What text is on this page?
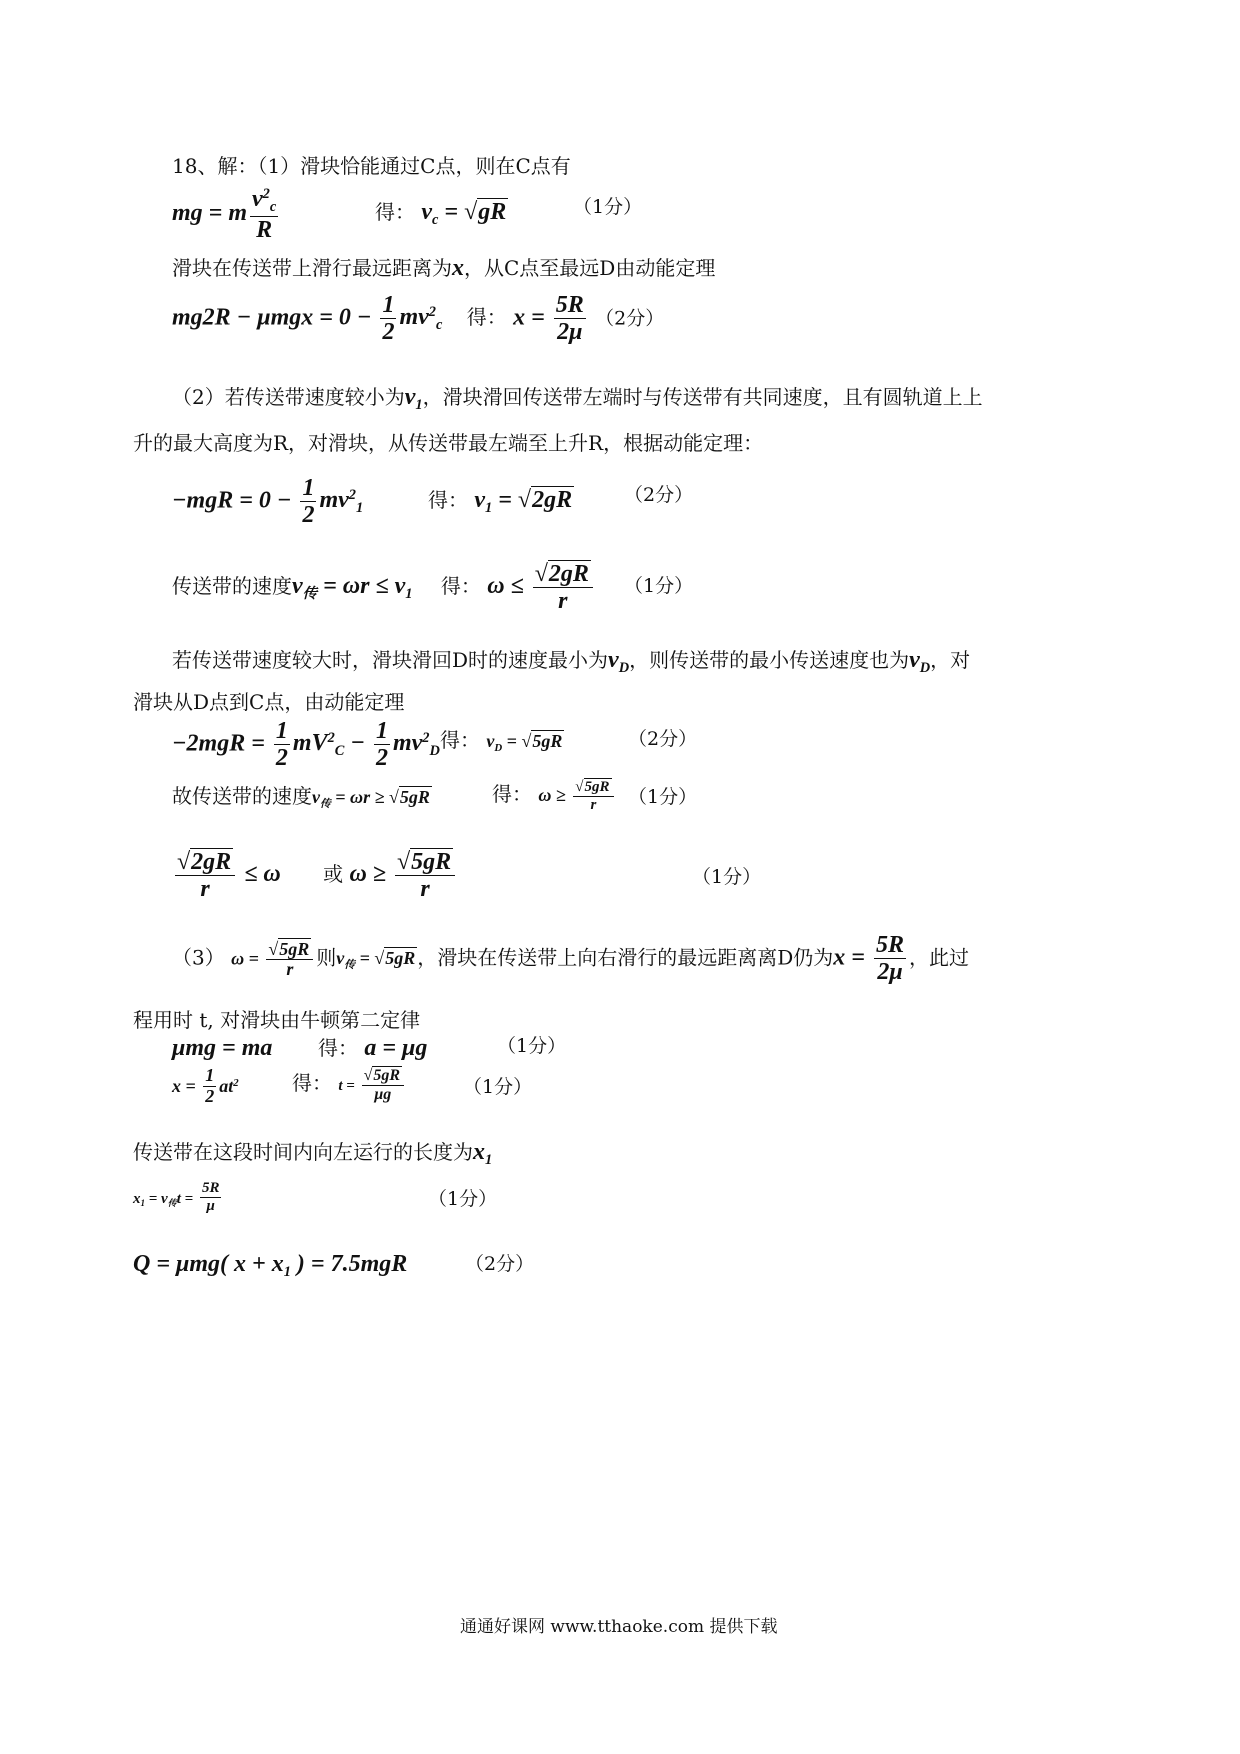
18、解：（1）滑块恰能通过C点，则在C点有
mg = m $\frac{v^2_c}{R}$	得： $v_c = √gR$	（1分）
滑块在传送带上滑行最远距离为x，从C点至最远D由动能定理
$mg2R - \mu mgx = 0 - \frac{1}{2} mv^2_c$ 得： $x = \frac{5R}{2\mu} (2$分）
（2）若传送带速度较小为$v_1$，滑块滑回传送带左端时与传送带有共同速度，且有圆轨道上上
升的最大高度为R，对滑块，从传送带最左端至上升R，根据动能定理：
$-mgR = 0 - \frac{1}{2} mv^2_1$	得： $v_1 = √2gR$	（2分）
传送带的速度$v_传 = \omega r \le v_1$ 得： $\omega \le \frac{√2gR}{r} (1$分）
若传送带速度较大时，滑块滑回D时的速度最小为$v_D$，则传送带的最小传送速度也为$v_D$，对
滑块从D点到C点，由动能定理
$-2mgR = \frac{1}{2} mV^2_C - \frac{1}{2} mv^2_D$ 得： $v_D = √5gR$	（2分）
故传送带的速度$v_传 = \omega r \ge √5gR$	得： $\omega \ge \frac{√5gR}{r} (1$分）
$\frac{√2gR}{r} \le \omega$ 或 $\omega \ge \frac{√5gR}{r}$	（1分）
（3） $\omega = \frac{√5gR}{r}$ 则$v_传 = √5gR$ ，滑块在传送带上向右滑行的最远距离离D仍为$x = \frac{5R}{2\mu}$ ，此过
程用时 t, 对滑块由牛顿第二定律
μmg = ma 得： a = μg	（1分）
$x = \frac{1}{2} at^2$	得： $t = \frac{√5gR}{\mu g}$	（1分）
传送带在这段时间内向左运行的长度为$x_1$
$x_1 = v_传t = \frac{5R}{\mu}$	（1分）
Q = μmg( $x + x_1$ ) = 7.5mgR	（2分）
通通好课网 www.tthaoke.com 提供下载
